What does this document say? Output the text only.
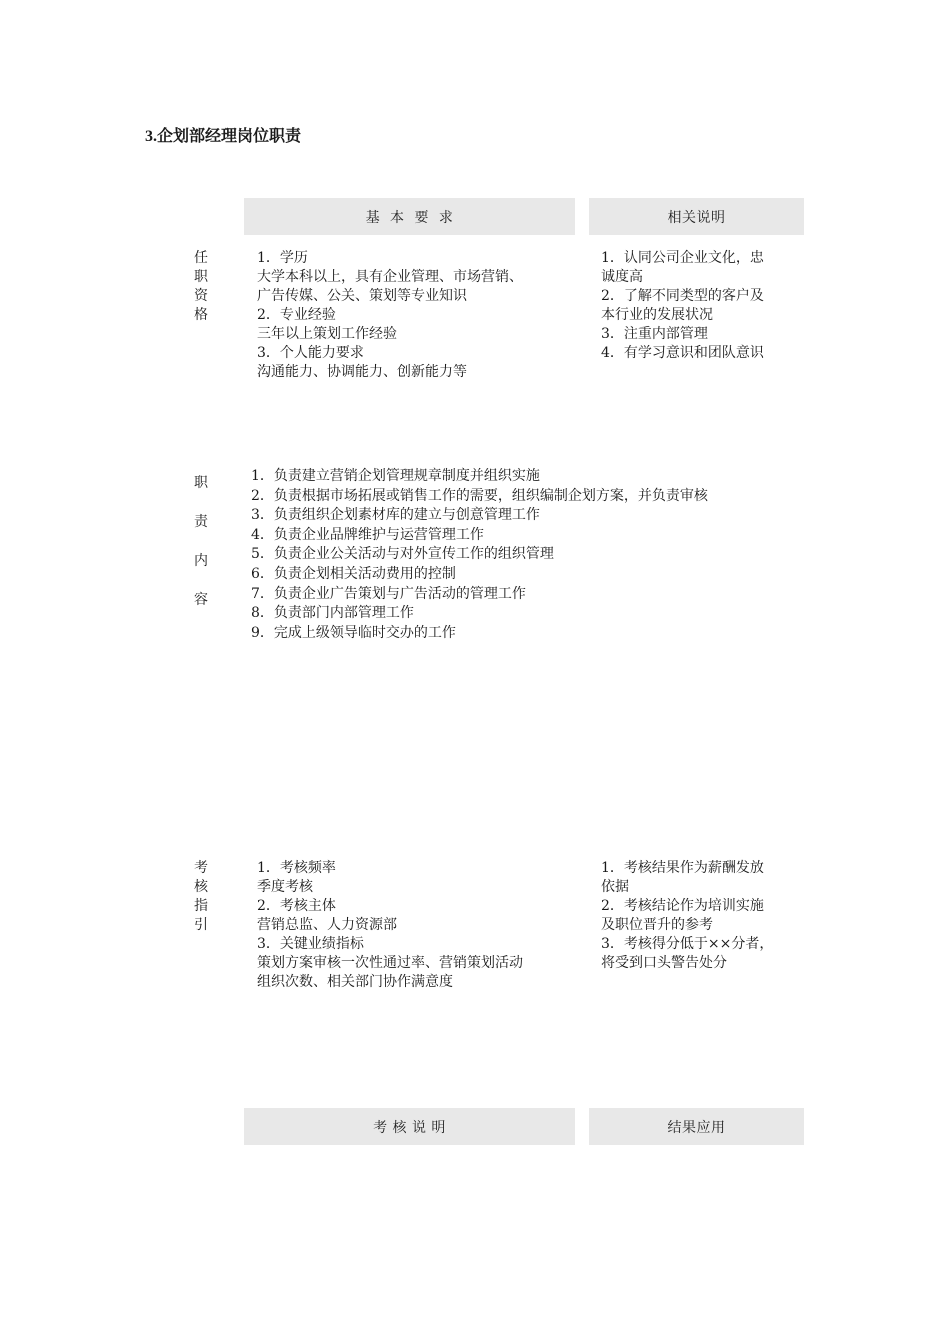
3.企划部经理岗位职责
基  本  要  求	相关说明
任
职
资
格
1．学历
大学本科以上，具有企业管理、市场营销、
广告传媒、公关、策划等专业知识
2．专业经验
三年以上策划工作经验
3．个人能力要求
沟通能力、协调能力、创新能力等
1．认同公司企业文化，忠
诚度高
2．了解不同类型的客户及
本行业的发展状况
3．注重内部管理
4．有学习意识和团队意识
职
责
内
容
1．负责建立营销企划管理规章制度并组织实施
2．负责根据市场拓展或销售工作的需要，组织编制企划方案，并负责审核
3．负责组织企划素材库的建立与创意管理工作
4．负责企业品牌维护与运营管理工作
5．负责企业公关活动与对外宣传工作的组织管理
6．负责企划相关活动费用的控制
7．负责企业广告策划与广告活动的管理工作
8．负责部门内部管理工作
9．完成上级领导临时交办的工作
考
核
指
引
1．考核频率
季度考核
2．考核主体
营销总监、人力资源部
3．关键业绩指标
策划方案审核一次性通过率、营销策划活动
组织次数、相关部门协作满意度
1．考核结果作为薪酬发放
依据
2．考核结论作为培训实施
及职位晋升的参考
3．考核得分低于××分者，
将受到口头警告处分
考 核 说 明	结果应用
